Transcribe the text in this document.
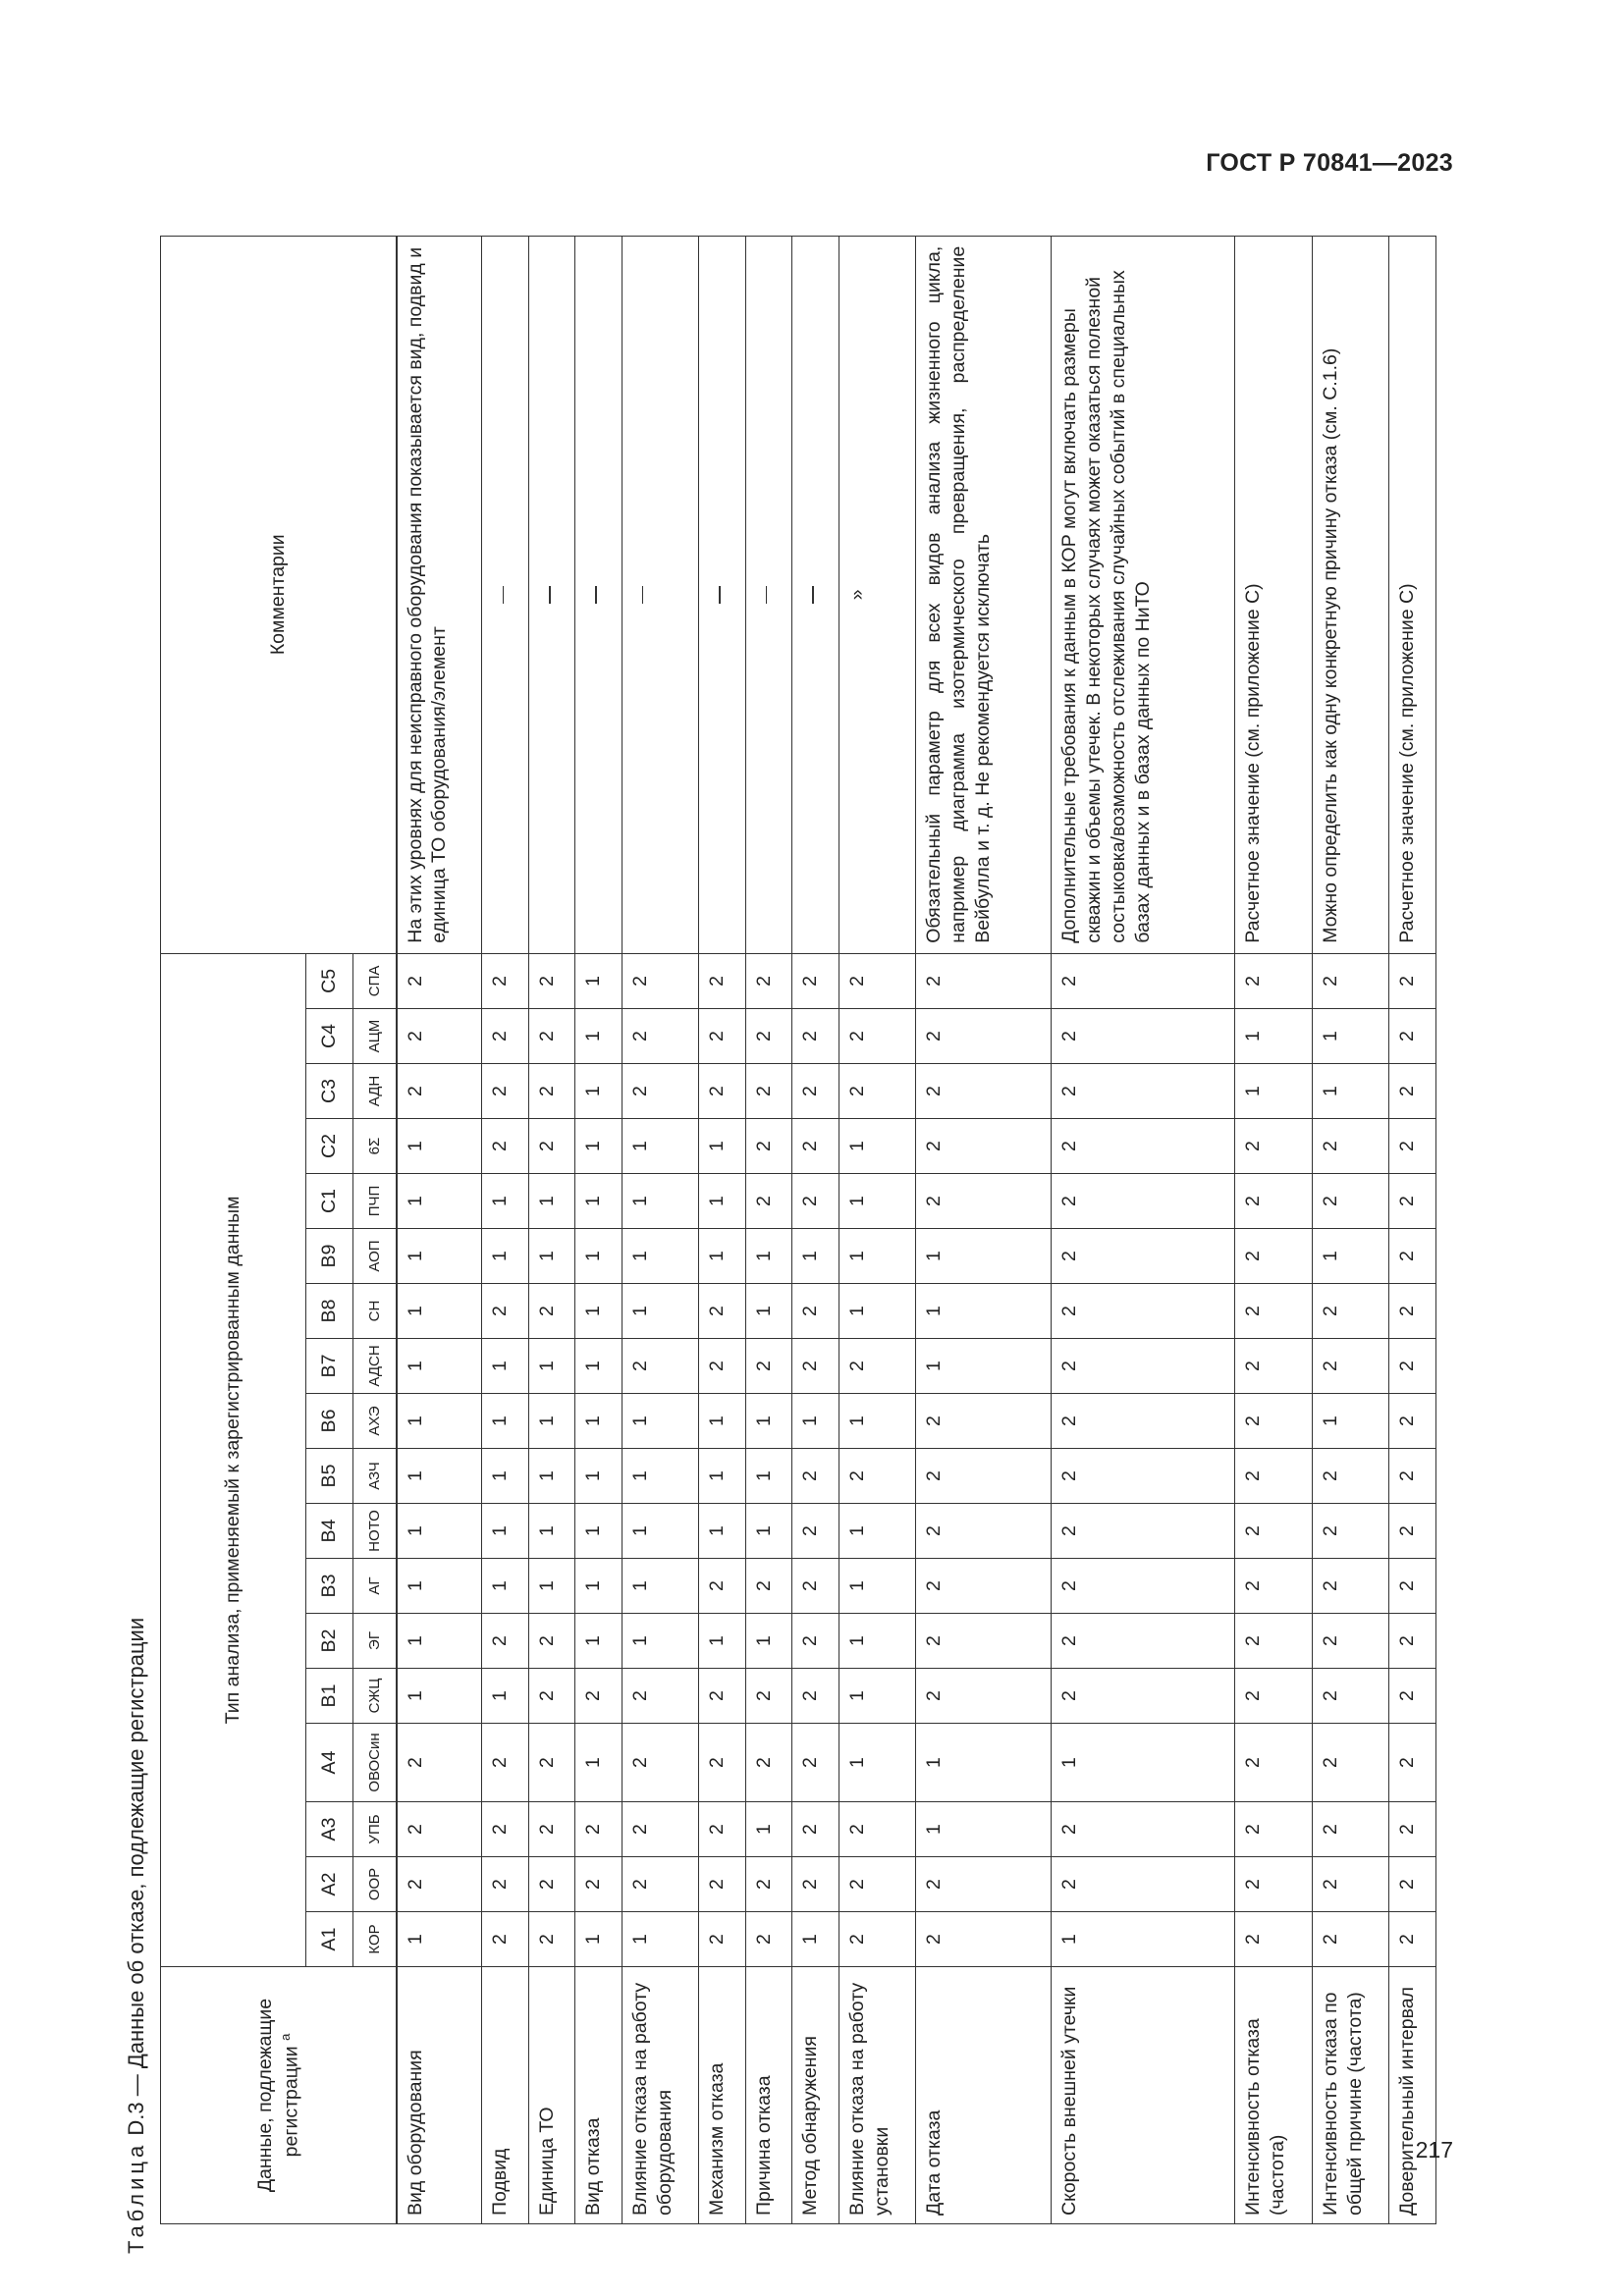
ГОСТ Р 70841—2023
Таблица D.3 — Данные об отказе, подлежащие регистрации	Данные, подлежащие регистрации $^a$	Тип анализа, применяемый к зарегистрированным данным																		Комментарии
	A1	A2	A3	A4	B1	B2	B3	B4	B5	B6	B7	B8	B9	C1	C2	C3	C4	C5	
	КОР	ООР	УПБ	ОВОСин	СЖЦ	ЭГ	АГ	НОТО	АЗЧ	АХЭ	АДСН	СН	АОП	ПЧП	6Σ	АДН	АЦМ	СПА	
Вид оборудования	1	2	2	2	1	1	1	1	1	1	1	1	1	1	1	2	2	2	На этих уровнях для неисправного оборудования показывается вид, подвид и единица ТО оборудования/элемент
Подвид	2	2	2	2	1	2	1	1	1	1	1	2	1	1	2	2	2	2	
Единица ТО	2	2	2	2	2	2	1	1	1	1	1	2	1	1	2	2	2	2	
Вид отказа	1	2	2	1	2	1	1	1	1	1	1	1	1	1	1	1	1	1	
Влияние отказа на работу оборудования	1	2	2	2	2	1	1	1	1	1	2	1	1	1	1	2	2	2	
Механизм отказа	2	2	2	2	2	1	2	1	1	1	2	2	1	1	1	2	2	2	
Причина отказа	2	2	1	2	2	1	2	1	1	1	2	1	1	2	2	2	2	2	
Метод обнаружения	1	2	2	2	2	2	2	2	2	1	2	2	1	2	2	2	2	2	
Влияние отказа на работу установки	2	2	2	1	1	1	1	1	2	1	2	1	1	1	1	2	2	2	»
Дата отказа	2	2	1	1	2	2	2	2	2	2	1	1	1	2	2	2	2	2	Обязательный параметр для всех видов анализа жизненного цикла, например диаграмма изотермического превращения, распределение Вейбулла и т. д. Не рекомендуется исключать
Скорость внешней утечки	1	2	2	1	2	2	2	2	2	2	2	2	2	2	2	2	2	2	Дополнительные требования к данным в КОР могут включать размеры скважин и объемы утечек. В некоторых случаях может оказаться полезной состыковка/возможность отслеживания случайных событий в специальных базах данных и в базах данных по НиТО
Интенсивность отказа (частота)	2	2	2	2	2	2	2	2	2	2	2	2	2	2	2	1	1	2	Расчетное значение (см. приложение С)
Интенсивность отказа по общей причине (частота)	2	2	2	2	2	2	2	2	2	1	2	2	1	2	2	1	1	2	Можно определить как одну конкретную причину отказа (см. С.1.6)
Доверительный интервал	2	2	2	2	2	2	2	2	2	2	2	2	2	2	2	2	2	2	Расчетное значение (см. приложение С)
217
